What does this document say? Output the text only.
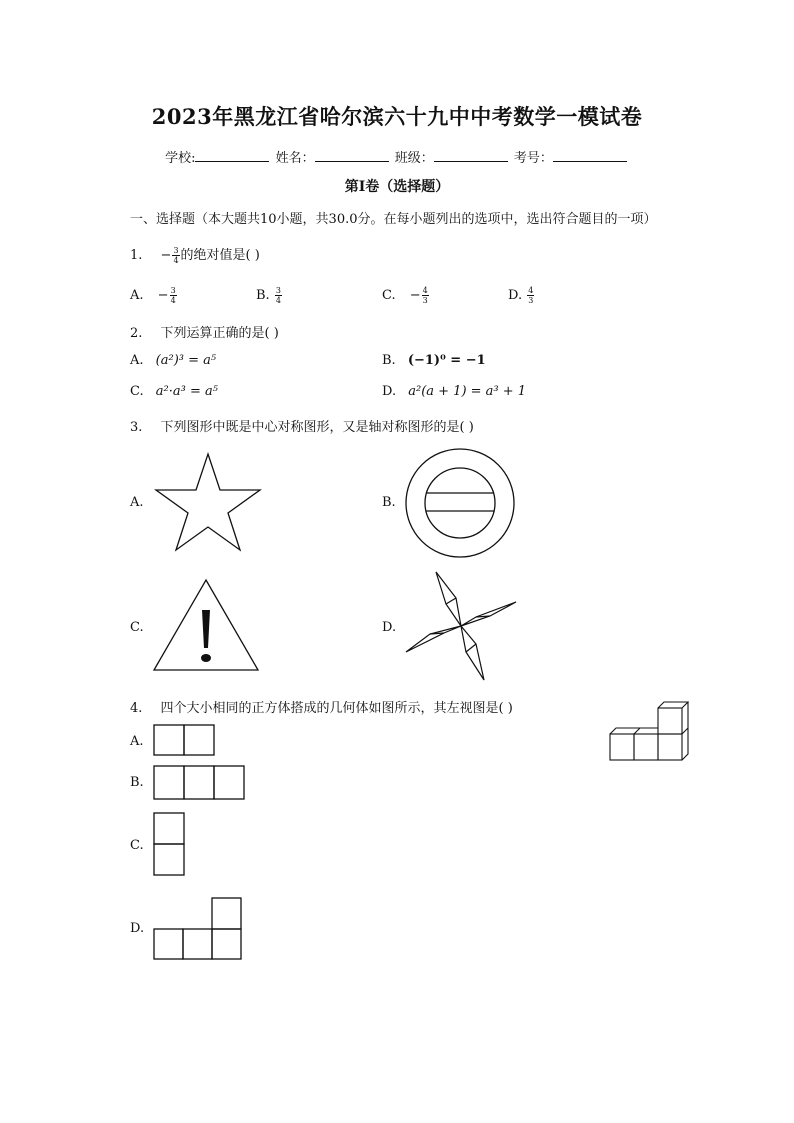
2023年黑龙江省哈尔滨六十九中中考数学一模试卷
学校:	姓名：	班级：	考号：
第I卷（选择题）
一、选择题（本大题共10小题，共30.0分。在每小题列出的选项中，选出符合题目的一项）
1. − $\frac{3}{4}$ 的绝对值是( )
A. − $\frac{3}{4}$	B. $\frac{3}{4}$	C. − $\frac{4}{3}$	D. $\frac{4}{3}$
2. 下列运算正确的是( )
A. (a²)³ = a⁵	B. (−1)⁰ = −1
C. a²·a³ = a⁵	D. a²(a + 1) = a³ + 1
3. 下列图形中既是中心对称图形，又是轴对称图形的是( )
A.	B.
C.	D.
4. 四个大小相同的正方体搭成的几何体如图所示，其左视图是( )
A.
B.
C.
D.
